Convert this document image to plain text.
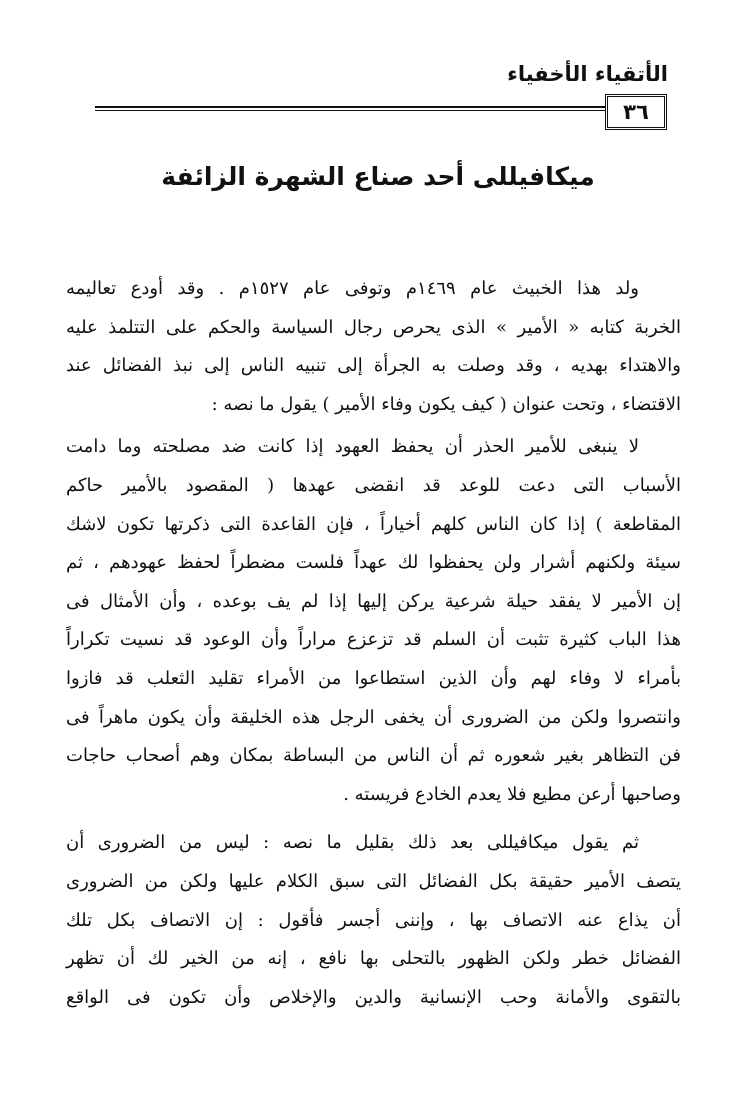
الأتقياء الأخفياء
٣٦
ميكافيللى أحد صناع الشهرة الزائفة
ولد هذا الخبيث عام ١٤٦٩م وتوفى عام ١٥٢٧م . وقد أودع تعاليمه
الخربة كتابه « الأمير » الذى يحرص رجال السياسة والحكم على التتلمذ عليه
والاهتداء بهديه ، وقد وصلت به الجرأة إلى تنبيه الناس إلى نبذ الفضائل عند
الاقتضاء ، وتحت عنوان ( كيف يكون وفاء الأمير ) يقول ما نصه :
لا ينبغى للأمير الحذر أن يحفظ العهود إذا كانت ضد مصلحته وما دامت
الأسباب التى دعت للوعد قد انقضى عهدها ( المقصود بالأمير حاكم
المقاطعة ) إذا كان الناس كلهم أخياراً ، فإن القاعدة التى ذكرتها تكون لاشك
سيئة ولكنهم أشرار ولن يحفظوا لك عهداً فلست مضطراً لحفظ عهودهم ، ثم
إن الأمير لا يفقد حيلة شرعية يركن إليها إذا لم يف بوعده ، وأن الأمثال فى
هذا الباب كثيرة تثبت أن السلم قد تزعزع مراراً وأن الوعود قد نسيت تكراراً
بأمراء لا وفاء لهم وأن الذين استطاعوا من الأمراء تقليد الثعلب قد فازوا
وانتصروا ولكن من الضرورى أن يخفى الرجل هذه الخليقة وأن يكون ماهراً فى
فن التظاهر بغير شعوره ثم أن الناس من البساطة بمكان وهم أصحاب حاجات
وصاحبها أرعن مطيع فلا يعدم الخادع فريسته .
ثم يقول ميكافيللى بعد ذلك بقليل ما نصه : ليس من الضرورى أن
يتصف الأمير حقيقة بكل الفضائل التى سبق الكلام عليها ولكن من الضرورى
أن يذاع عنه الاتصاف بها ، وإننى أجسر فأقول : إن الاتصاف بكل تلك
الفضائل خطر ولكن الظهور بالتحلى بها نافع ، إنه من الخير لك أن تظهر
بالتقوى والأمانة وحب الإنسانية والدين والإخلاص وأن تكون فى الواقع
